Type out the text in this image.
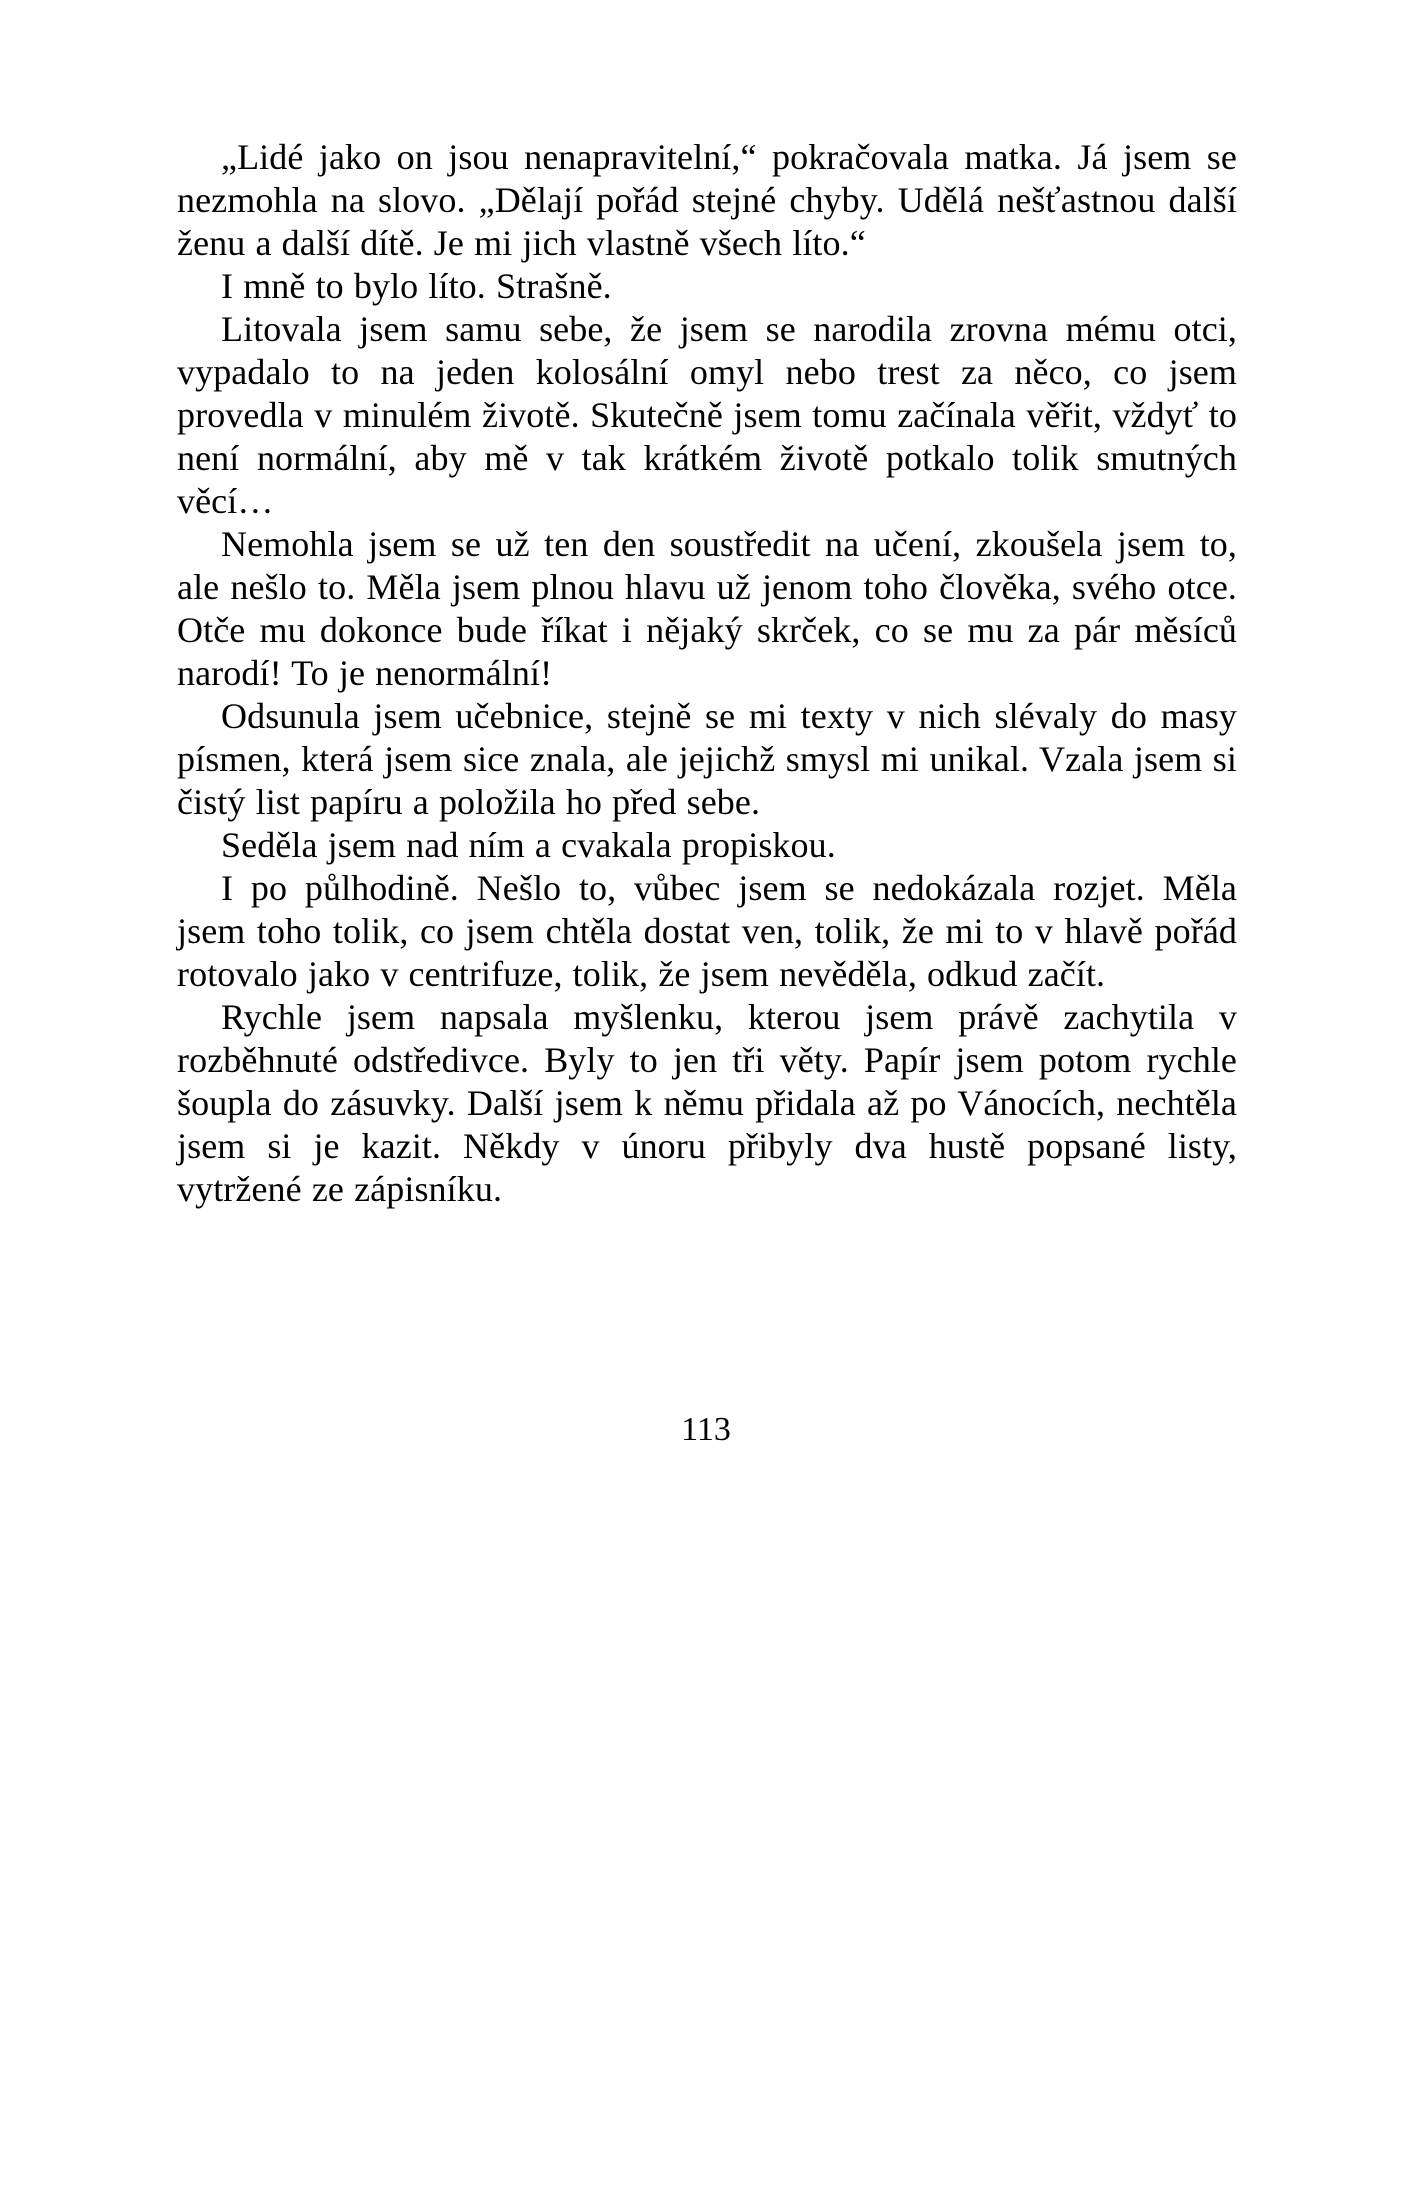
„Lidé jako on jsou nenapravitelní,“ pokračovala matka. Já jsem se nezmohla na slovo. „Dělají pořád stejné chyby. Udělá nešťastnou další ženu a další dítě. Je mi jich vlastně všech líto.“

I mně to bylo líto. Strašně.

Litovala jsem samu sebe, že jsem se narodila zrovna mému otci, vypadalo to na jeden kolosální omyl nebo trest za něco, co jsem provedla v minulém životě. Skutečně jsem tomu začínala věřit, vždyť to není normální, aby mě v tak krátkém životě potkalo tolik smutných věcí…

Nemohla jsem se už ten den soustředit na učení, zkoušela jsem to, ale nešlo to. Měla jsem plnou hlavu už jenom toho člověka, svého otce. Otče mu dokonce bude říkat i nějaký skrček, co se mu za pár měsíců narodí! To je nenormální!

Odsunula jsem učebnice, stejně se mi texty v nich slévaly do masy písmen, která jsem sice znala, ale jejichž smysl mi unikal. Vzala jsem si čistý list papíru a položila ho před sebe.

Seděla jsem nad ním a cvakala propiskou.

I po půlhodině. Nešlo to, vůbec jsem se nedokázala rozjet. Měla jsem toho tolik, co jsem chtěla dostat ven, tolik, že mi to v hlavě pořád rotovalo jako v centrifuze, tolik, že jsem nevěděla, odkud začít.

Rychle jsem napsala myšlenku, kterou jsem právě zachytila v rozběhnuté odstředivce. Byly to jen tři věty. Papír jsem potom rychle šoupla do zásuvky. Další jsem k němu přidala až po Vánocích, nechtěla jsem si je kazit. Někdy v únoru přibyly dva hustě popsané listy, vytržené ze zápisníku.

113
